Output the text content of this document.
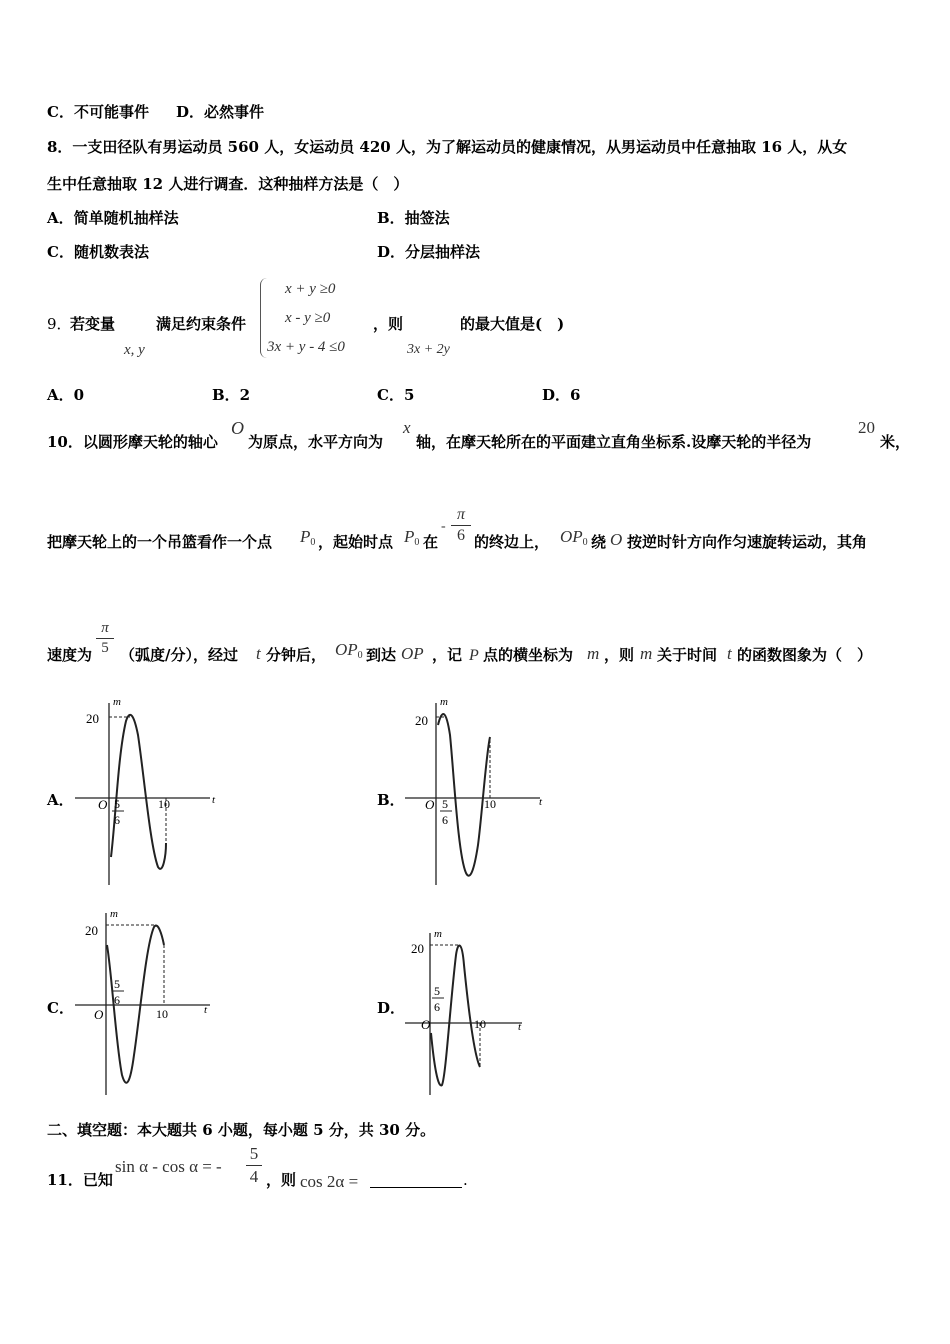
C．不可能事件 D．必然事件
8．一支田径队有男运动员 560 人，女运动员 420 人，为了解运动员的健康情况，从男运动员中任意抽取 16 人，从女
生中任意抽取 12 人进行调查．这种抽样方法是（　）
A．简单随机抽样法	B．抽签法
C．随机数表法	D．分层抽样法
9．
若变量
x, y
满足约束条件
x + y ≥0
x - y ≥0
3x + y - 4 ≤0
，则
3x + 2y
的最大值是(　)
A．0	B．2	C．5	D．6
10．以圆形摩天轮的轴心
O
为原点，水平方向为
x
轴，在摩天轮所在的平面建立直角坐标系.设摩天轮的半径为
20
米，
把摩天轮上的一个吊篮看作一个点 $P_0$ ，起始时点 $P_0$ 在
-
π
6 的终边上， $OP_0$ 绕 O 按逆时针方向作匀速旋转运动，其角
速度为
π
5 （弧度/分），经过 t 分钟后， $OP_0$ 到达 OP ，记 P 点的横坐标为 m ，则 m 关于时间 t 的函数图象为（　）
A．	B．
C．	D．
20
m
t
O 5
6
10
20
m
t
O 5
6
10
20
m
t
O
5
6
10
20
m
t
O
5
6
10
二、填空题：本大题共 6 小题，每小题 5 分，共 30 分。
11．已知
sin α - cos α = -
5
4 ，则 cos 2α =	.
